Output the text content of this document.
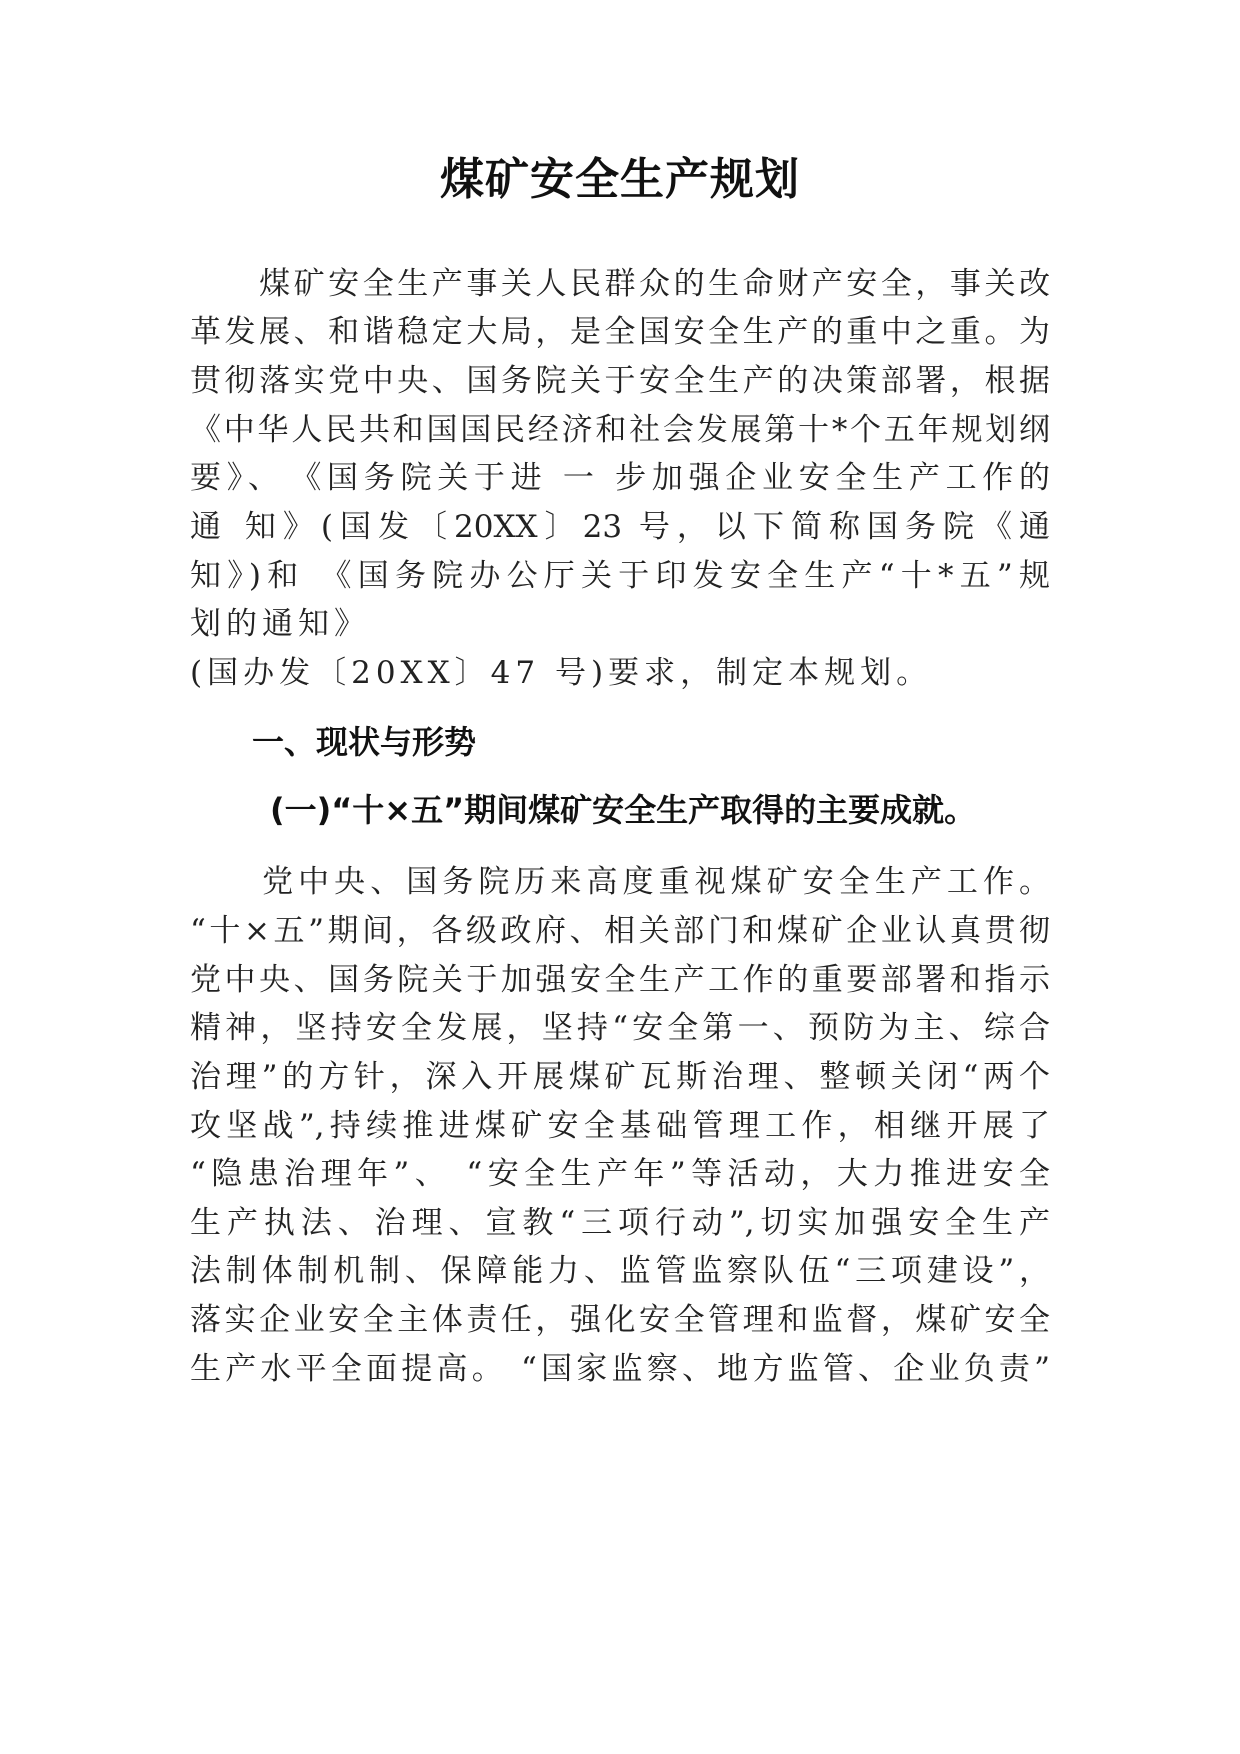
煤矿安全生产规划
　　煤矿安全生产事关人民群众的生命财产安全，事关改
革发展、和谐稳定大局，是全国安全生产的重中之重。为
贯彻落实党中央、国务院关于安全生产的决策部署，根据
《中华人民共和国国民经济和社会发展第十*个五年规划纲
要》、　《国务院关于进 一 步加强企业安全生产工作的
通 知》(国发〔20XX〕23 号，以下简称国务院《通
知》)和 《国务院办公厅关于印发安全生产“十*五”规
划的通知》
(国办发〔20XX〕47 号)要求，制定本规划。
一、现状与形势
(一)“十×五”期间煤矿安全生产取得的主要成就。
　　党中央、国务院历来高度重视煤矿安全生产工作。
“十×五”期间，各级政府、相关部门和煤矿企业认真贯彻
党中央、国务院关于加强安全生产工作的重要部署和指示
精神，坚持安全发展，坚持“安全第一、预防为主、综合
治理”的方针，深入开展煤矿瓦斯治理、整顿关闭“两个
攻坚战”,持续推进煤矿安全基础管理工作，相继开展了
“隐患治理年”、 “安全生产年”等活动，大力推进安全
生产执法、治理、宣教“三项行动”,切实加强安全生产
法制体制机制、保障能力、监管监察队伍“三项建设”，
落实企业安全主体责任，强化安全管理和监督，煤矿安全
生产水平全面提高。 “国家监察、地方监管、企业负责”
